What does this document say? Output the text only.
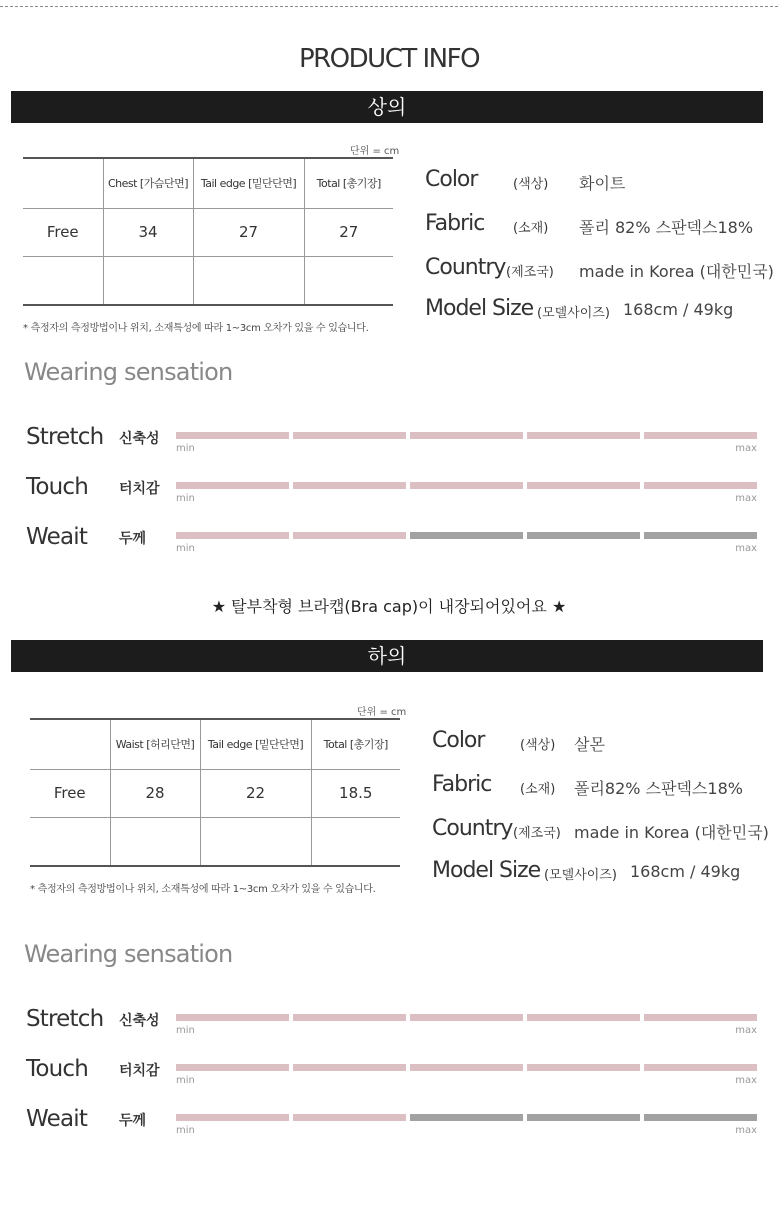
PRODUCT INFO
상의
단위 = cm
	Chest [가슴단면]	Tail edge [밑단단면]	Total [총기장]
Free	34	27	27

* 측정자의 측정방법이나 위치, 소재특성에 따라 1~3cm 오차가 있을 수 있습니다.
Color	(색상) 화이트
Fabric (소재) 폴리 82% 스판덱스18%
Country (제조국) made in Korea (대한민국)
Model Size (모델사이즈) 168cm / 49kg
Wearing sensation
Stretch 신축성
min	max
Touch 터치감
min	max
Weait 두께
min	max
★ 탈부착형 브라캡(Bra cap)이 내장되어있어요 ★
하의
단위 = cm
	Waist [허리단면]	Tail edge [밑단단면]	Total [총기장]
Free	28	22	18.5

* 측정자의 측정방법이나 위치, 소재특성에 따라 1~3cm 오차가 있을 수 있습니다.
Color	(색상) 살몬
Fabric (소재) 폴리82% 스판덱스18%
Country (제조국) made in Korea (대한민국)
Model Size (모델사이즈) 168cm / 49kg
Wearing sensation
Stretch 신축성
min	max
Touch 터치감
min	max
Weait 두께
min	max
